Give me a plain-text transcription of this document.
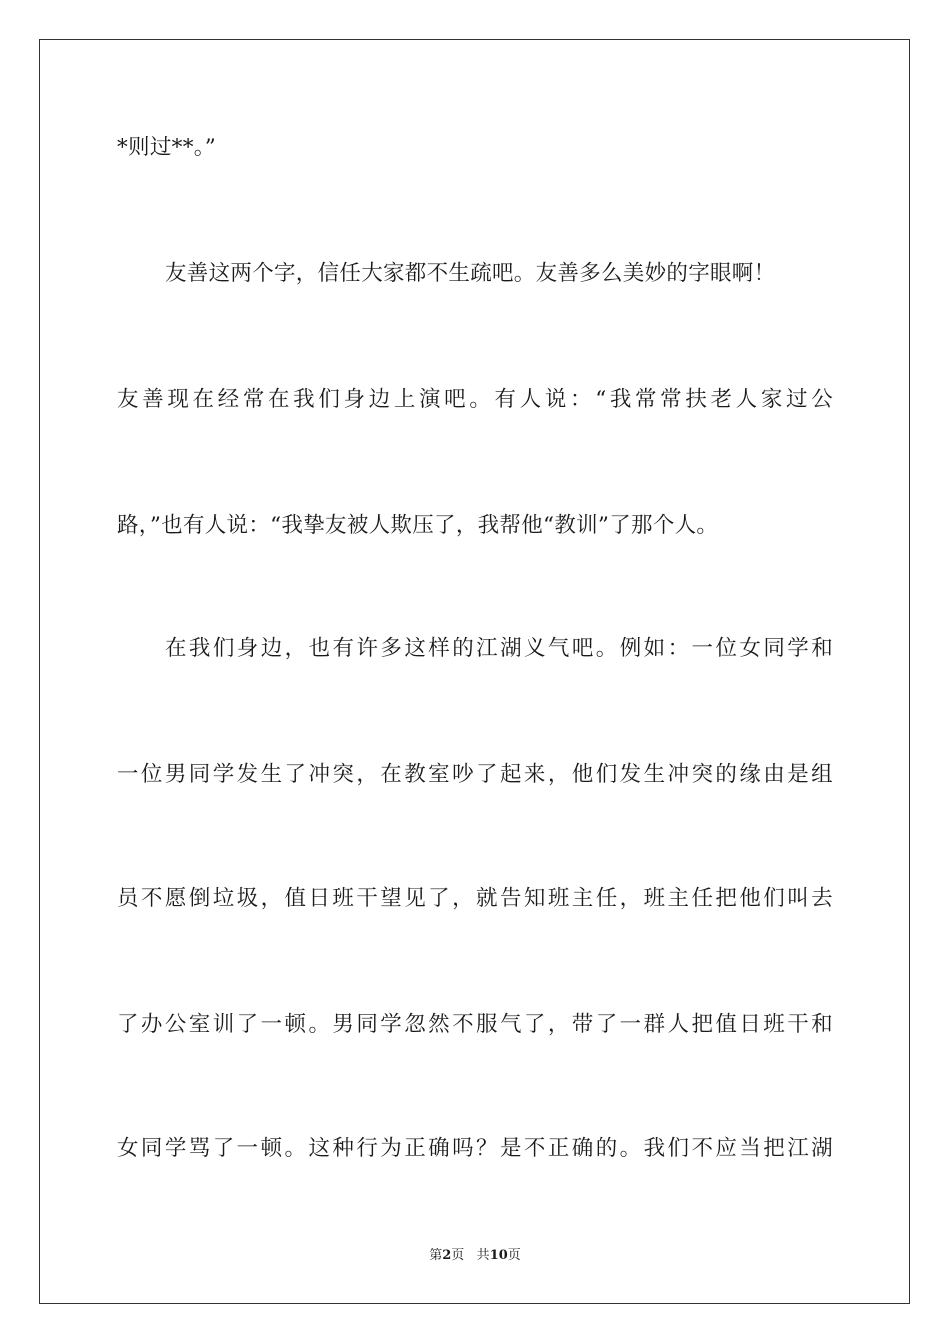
*则过**。”
友善这两个字，信任大家都不生疏吧。友善多么美妙的字眼啊！
友善现在经常在我们身边上演吧。有人说：“我常常扶老人家过公
路，”也有人说：“我挚友被人欺压了，我帮他“教训”了那个人。
在我们身边，也有许多这样的江湖义气吧。例如：一位女同学和
一位男同学发生了冲突，在教室吵了起来，他们发生冲突的缘由是组
员不愿倒垃圾，值日班干望见了，就告知班主任，班主任把他们叫去
了办公室训了一顿。男同学忽然不服气了，带了一群人把值日班干和
女同学骂了一顿。这种行为正确吗？是不正确的。我们不应当把江湖
第2页 共10页
